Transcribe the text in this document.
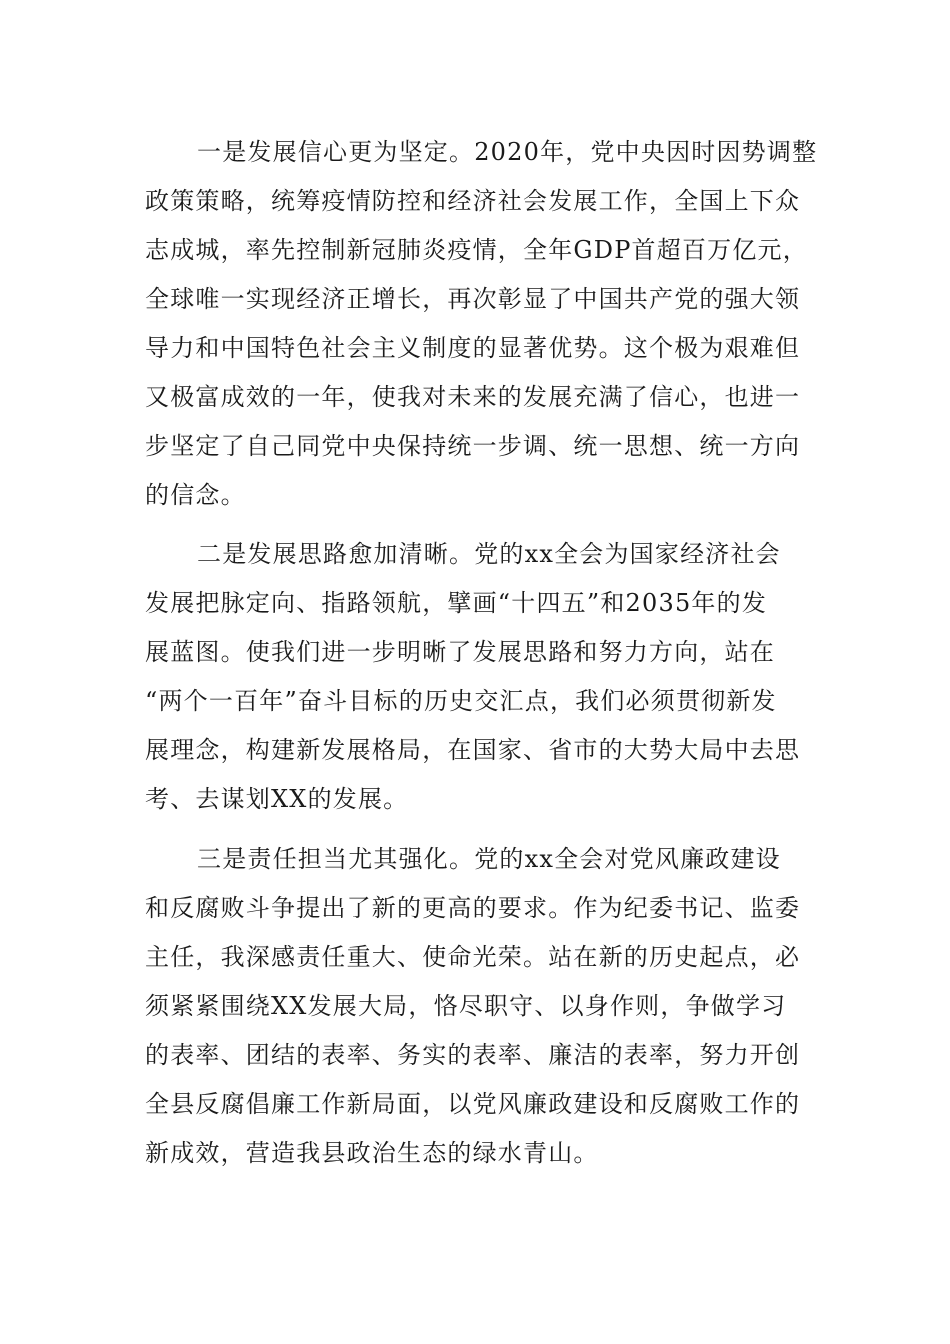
一是发展信心更为坚定。2020年，党中央因时因势调整
政策策略，统筹疫情防控和经济社会发展工作，全国上下众
志成城，率先控制新冠肺炎疫情，全年GDP首超百万亿元，
全球唯一实现经济正增长，再次彰显了中国共产党的强大领
导力和中国特色社会主义制度的显著优势。这个极为艰难但
又极富成效的一年，使我对未来的发展充满了信心，也进一
步坚定了自己同党中央保持统一步调、统一思想、统一方向
的信念。

二是发展思路愈加清晰。党的xx全会为国家经济社会
发展把脉定向、指路领航，擘画“十四五”和2035年的发
展蓝图。使我们进一步明晰了发展思路和努力方向，站在
“两个一百年”奋斗目标的历史交汇点，我们必须贯彻新发
展理念，构建新发展格局，在国家、省市的大势大局中去思
考、去谋划XX的发展。

三是责任担当尤其强化。党的xx全会对党风廉政建设
和反腐败斗争提出了新的更高的要求。作为纪委书记、监委
主任，我深感责任重大、使命光荣。站在新的历史起点，必
须紧紧围绕XX发展大局，恪尽职守、以身作则，争做学习
的表率、团结的表率、务实的表率、廉洁的表率，努力开创
全县反腐倡廉工作新局面，以党风廉政建设和反腐败工作的
新成效，营造我县政治生态的绿水青山。
